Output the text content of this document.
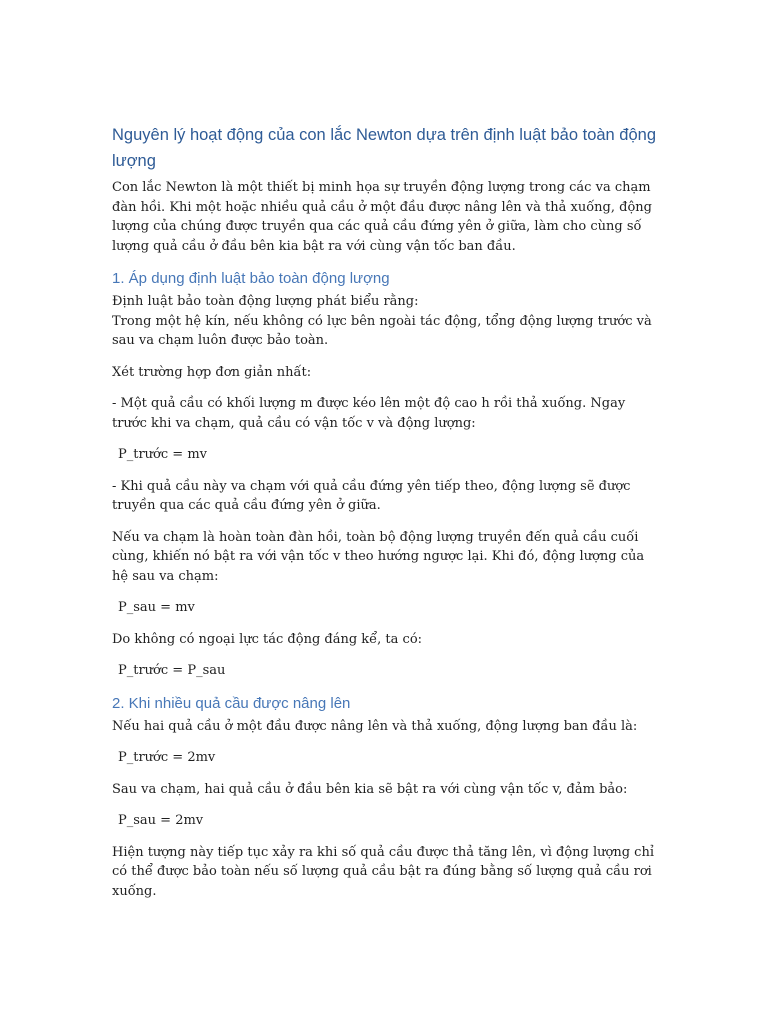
Nguyên lý hoạt động của con lắc Newton dựa trên định luật bảo toàn động lượng

Con lắc Newton là một thiết bị minh họa sự truyền động lượng trong các va chạm đàn hồi. Khi một hoặc nhiều quả cầu ở một đầu được nâng lên và thả xuống, động lượng của chúng được truyền qua các quả cầu đứng yên ở giữa, làm cho cùng số lượng quả cầu ở đầu bên kia bật ra với cùng vận tốc ban đầu.

1. Áp dụng định luật bảo toàn động lượng

Định luật bảo toàn động lượng phát biểu rằng:
Trong một hệ kín, nếu không có lực bên ngoài tác động, tổng động lượng trước và sau va chạm luôn được bảo toàn.

Xét trường hợp đơn giản nhất:

- Một quả cầu có khối lượng m được kéo lên một độ cao h rồi thả xuống. Ngay trước khi va chạm, quả cầu có vận tốc v và động lượng:

P_trước = mv

- Khi quả cầu này va chạm với quả cầu đứng yên tiếp theo, động lượng sẽ được truyền qua các quả cầu đứng yên ở giữa.

Nếu va chạm là hoàn toàn đàn hồi, toàn bộ động lượng truyền đến quả cầu cuối cùng, khiến nó bật ra với vận tốc v theo hướng ngược lại. Khi đó, động lượng của hệ sau va chạm:

P_sau = mv

Do không có ngoại lực tác động đáng kể, ta có:

P_trước = P_sau

2. Khi nhiều quả cầu được nâng lên

Nếu hai quả cầu ở một đầu được nâng lên và thả xuống, động lượng ban đầu là:

P_trước = 2mv

Sau va chạm, hai quả cầu ở đầu bên kia sẽ bật ra với cùng vận tốc v, đảm bảo:

P_sau = 2mv

Hiện tượng này tiếp tục xảy ra khi số quả cầu được thả tăng lên, vì động lượng chỉ có thể được bảo toàn nếu số lượng quả cầu bật ra đúng bằng số lượng quả cầu rơi xuống.
